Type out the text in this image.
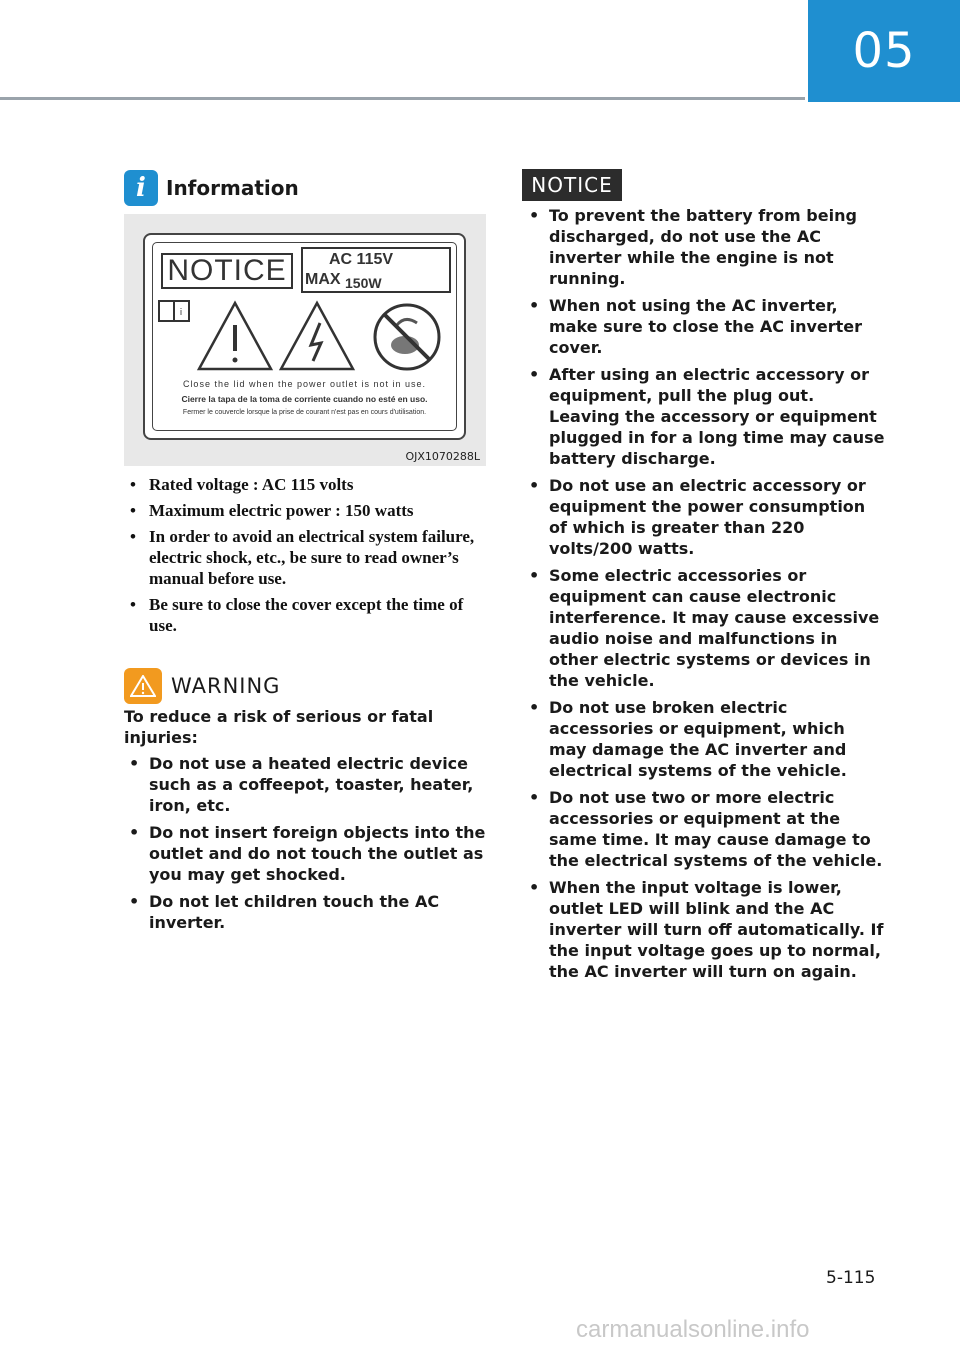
05
i	Information
NOTICE	AC 115V
MAX 150W
i
Close the lid when the power outlet is not in use.
Cierre la tapa de la toma de corriente cuando no esté en uso.
Fermer le couvercle lorsque la prise de courant n'est pas en cours d'utilisation.
OJX1070288L
• Rated voltage : AC 115 volts
• Maximum electric power : 150 watts
• In order to avoid an electrical system failure, electric shock, etc., be sure to read owner’s manual before use.
• Be sure to close the cover except the time of use.
WARNING
To reduce a risk of serious or fatal injuries:
• Do not use a heated electric device such as a coffeepot, toaster, heater, iron, etc.
• Do not insert foreign objects into the outlet and do not touch the outlet as you may get shocked.
• Do not let children touch the AC inverter.
NOTICE
• To prevent the battery from being discharged, do not use the AC inverter while the engine is not running.
• When not using the AC inverter, make sure to close the AC inverter cover.
• After using an electric accessory or equipment, pull the plug out. Leaving the accessory or equipment plugged in for a long time may cause battery discharge.
• Do not use an electric accessory or equipment the power consumption of which is greater than 220 volts/200 watts.
• Some electric accessories or equipment can cause electronic interference. It may cause excessive audio noise and malfunctions in other electric systems or devices in the vehicle.
• Do not use broken electric accessories or equipment, which may damage the AC inverter and electrical systems of the vehicle.
• Do not use two or more electric accessories or equipment at the same time. It may cause damage to the electrical systems of the vehicle.
• When the input voltage is lower, outlet LED will blink and the AC inverter will turn off automatically. If the input voltage goes up to normal, the AC inverter will turn on again.
5-115
carmanualsonline.info
